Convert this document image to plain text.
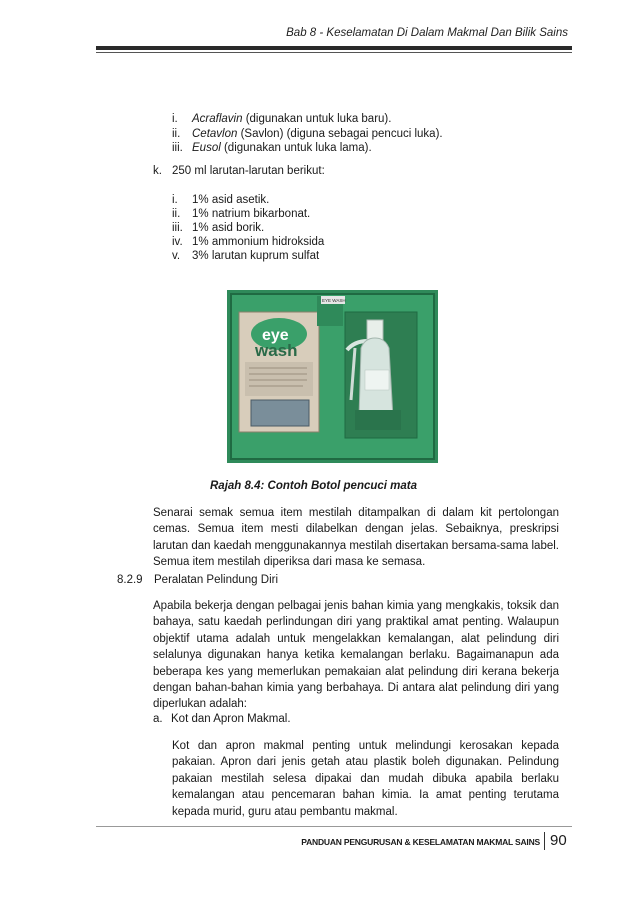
Bab 8 - Keselamatan Di Dalam Makmal Dan Bilik Sains
i. Acraflavin (digunakan untuk luka baru).
ii. Cetavlon (Savlon) (diguna sebagai pencuci luka).
iii. Eusol (digunakan untuk luka lama).
k. 250 ml larutan-larutan berikut:
i. 1% asid asetik.
ii. 1% natrium bikarbonat.
iii. 1% asid borik.
iv. 1% ammonium hidroksida
v. 3% larutan kuprum sulfat
eye
wash
EYE WASH
Rajah 8.4: Contoh Botol pencuci mata
Senarai semak semua item mestilah ditampalkan di dalam kit pertolongan cemas. Semua item mesti dilabelkan dengan jelas. Sebaiknya, preskripsi larutan dan kaedah menggunakannya mestilah disertakan bersama-sama label. Semua item mestilah diperiksa dari masa ke semasa.
8.2.9 Peralatan Pelindung Diri
Apabila bekerja dengan pelbagai jenis bahan kimia yang mengkakis, toksik dan bahaya, satu kaedah perlindungan diri yang praktikal amat penting. Walaupun objektif utama adalah untuk mengelakkan kemalangan, alat pelindung diri selalunya digunakan hanya ketika kemalangan berlaku. Bagaimanapun ada beberapa kes yang memerlukan pemakaian alat pelindung diri kerana bekerja dengan bahan-bahan kimia yang berbahaya. Di antara alat pelindung diri yang diperlukan adalah:
a. Kot dan Apron Makmal.
Kot dan apron makmal penting untuk melindungi kerosakan kepada pakaian. Apron dari jenis getah atau plastik boleh digunakan. Pelindung pakaian mestilah selesa dipakai dan mudah dibuka apabila berlaku kemalangan atau pencemaran bahan kimia. Ia amat penting terutama kepada murid, guru atau pembantu makmal.
PANDUAN PENGURUSAN & KESELAMATAN MAKMAL SAINS 90
